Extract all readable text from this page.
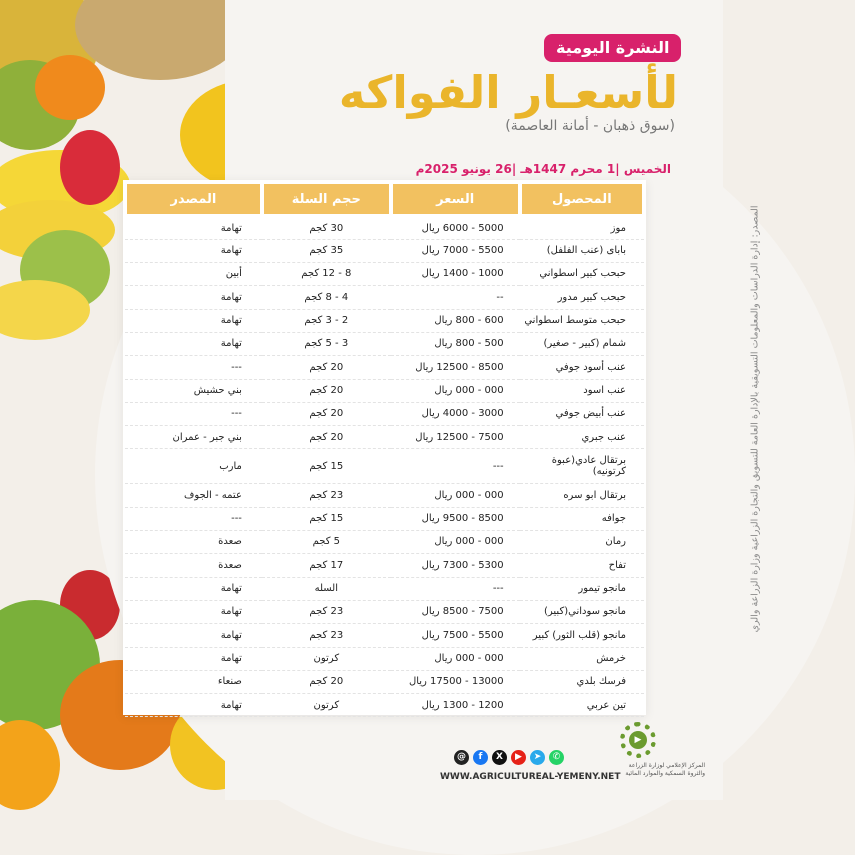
النشرة اليومية
لأسعـار الفواكه
(سوق ذهبان - أمانة العاصمة)
الخميس |1 محرم 1447هـ |26 يونيو 2025م
المصدر: إدارة الدراسات والمعلومات التسويقية بالإدارة العامة للتسويق والتجارة الزراعية وزارة الزراعة والري
المحصول	السعر	حجم السلة	المصدر
موز	5000 - 6000 ريال	30 كجم	تهامة
بابای (عنب الفلفل)	5500 - 7000 ريال	35 كجم	تهامة
حبحب كبير اسطواني	1000 - 1400 ريال	8 - 12 كجم	أبين
حبحب كبير مدور	--	4 - 8 كجم	تهامة
حبحب متوسط اسطواني	600 - 800 ريال	2 - 3 كجم	تهامة
شمام (كبير - صغير)	500 - 800 ريال	3 - 5 كجم	تهامة
عنب أسود جوفي	8500 - 12500 ريال	20 كجم	---
عنب اسود	000 - 000 ريال	20 كجم	بني حشيش
عنب أبيض جوفي	3000 - 4000 ريال	20 كجم	---
عنب جبري	7500 - 12500 ريال	20 كجم	بني جبر - عمران
برتقال عادي(عبوة كرتونيه)	---	15 كجم	مارب
برتقال ابو سره	000 - 000 ريال	23 كجم	عتمه - الجوف
جوافه	8500 - 9500 ريال	15 كجم	---
رمان	000 - 000 ريال	5 كجم	صعدة
تفاح	5300 - 7300 ريال	17 كجم	صعدة
مانجو تيمور	---	السله	تهامة
مانجو سوداني(كبير)	7500 - 8500 ريال	23 كجم	تهامة
مانجو (قلب الثور) كبير	5500 - 7500 ريال	23 كجم	تهامة
خرمش	000 - 000 ريال	كرتون	تهامة
فرسك بلدي	13000 - 17500 ريال	20 كجم	صنعاء
تين عربي	1200 - 1300 ريال	كرتون	تهامة
@	f	X	▶	➤	✆
WWW.AGRICULTUREAL-YEMENY.NET
▶
المركز الإعلامي لوزارة الزراعة والثروة السمكية والموارد المائية
